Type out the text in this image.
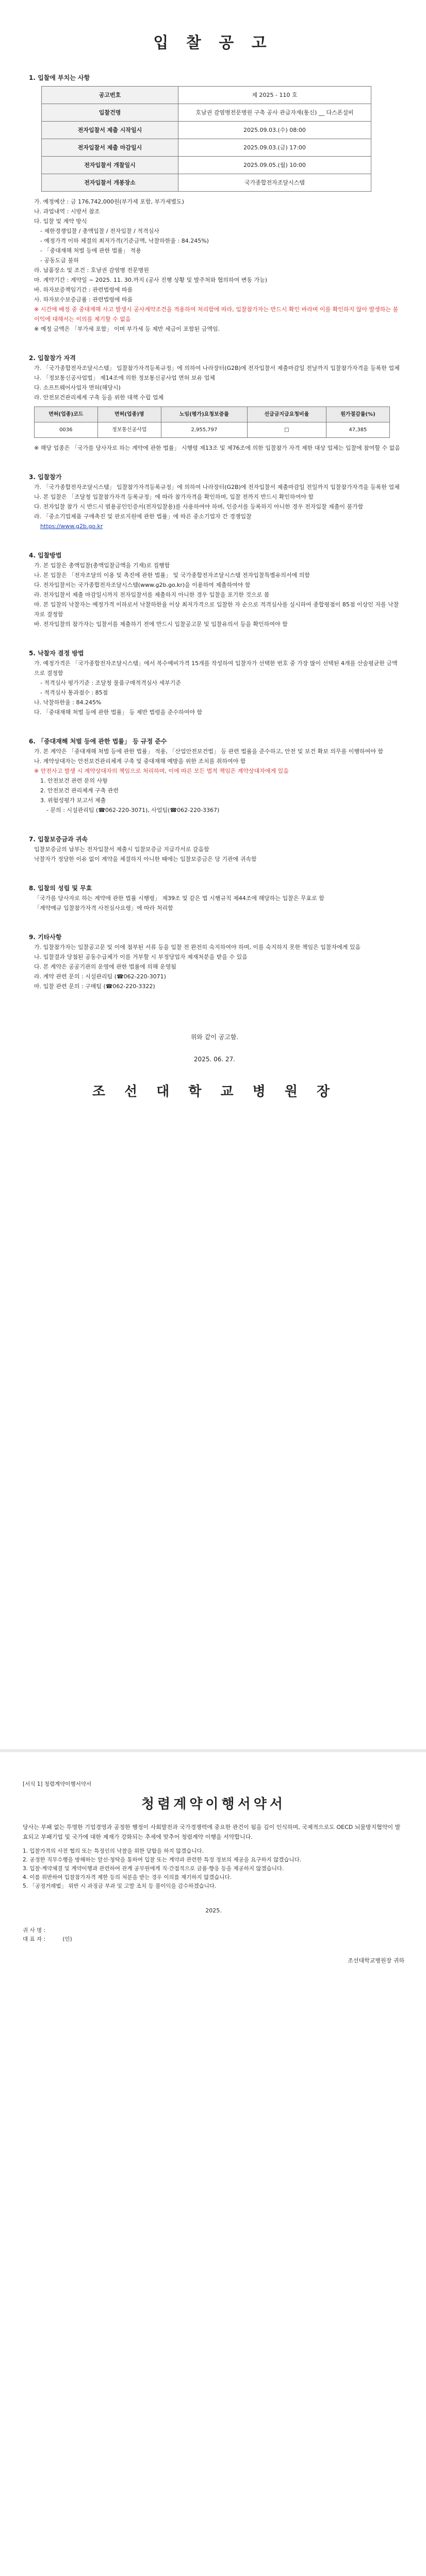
입 찰 공 고

1. 입찰에 부치는 사항

공고번호	제 2025 - 110 호
입찰건명	호남권 감염병전문병원 구축 공사 관급자재(통신) __ 다스폰설비
전자입찰서 제출 시작일시	2025.09.03.(수) 08:00
전자입찰서 제출 마감일시	2025.09.03.(금) 17:00
전자입찰서 개찰일시	2025.09.05.(월) 10:00
전자입찰서 개봉장소	국가종합전자조달시스템

가. 예정예산 : 금 176,742,000원(부가세 포함, 부가세별도)

나. 과업내역 : 시방서 참조

다. 입찰 및 계약 방식

- 제한경쟁입찰 / 총액입찰 / 전자입찰 / 적격심사

- 예정가격 이하 체결의 최저가격(기준금액, 낙찰하한율 : 84.245%)

- 「중대재해 처벌 등에 관한 법률」 적용

- 공동도급 불허

라. 납품장소 및 조건 : 호남권 감염병 전문병원

마. 계약기간 : 계약일 ~ 2025. 11. 30.까지 (공사 진행 상황 및 발주처와 협의하여 변동 가능)

바. 하자보증책임기간 : 관련법령에 따름

사. 하자보수보증금률 : 관련법령에 따름

※ 시간에 배정 중 중대재해 사고 발생시 공사계약조건을 적용하여 처리함에 따라, 입찰참가자는 반드시 확인 바라며 이를 확인하지 않아 발생하는 불이익에 대해서는 이의를 제기할 수 없음

※ 예정 금액은 「부가세 포함」 이며 부가세 등 제반 세금이 포함된 금액임.

2. 입찰참가 자격

가. 「국가종합전자조달시스템」 입찰참가자격등록규정」에 의하여 나라장터(G2B)에 전자입찰서 제출마감일 전날까지 입찰참가자격을 등록한 업체

나. 「정보통신공사업법」 제14조에 의한 정보통신공사업 면허 보유 업체

다. 소프트웨어사업자 면허(해당시)

라. 안전보건관리체계 구축 등을 위한 대책 수립 업체

면허(업종)코드	면허(업종)명	노임(평가)요청보증률	선급금지급요청비율	원가절감률(%)
0036	정보통신공사업	2,955,797	□	47,385

※ 해당 업종은 「국가를 당사자로 하는 계약에 관한 법률」 시행령 제13조 및 제76조에 의한 입찰참가 자격 제한 대상 업체는 입찰에 참여할 수 없음

3. 입찰참가

가. 「국가종합전자조달시스템」 입찰참가자격등록규정」에 의하여 나라장터(G2B)에 전자입찰서 제출마감일 전일까지 입찰참가자격을 등록한 업체

나. 본 입찰은 「조달청 입찰참가자격 등록규정」에 따라 참가자격을 확인하며, 입찰 전까지 반드시 확인하여야 함

다. 전자입찰 참가 시 반드시 범용공인인증서(전자입찰용)를 사용하여야 하며, 인증서를 등록하지 아니한 경우 전자입찰 제출이 불가함

라. 「중소기업제품 구매촉진 및 판로지원에 관한 법률」에 따른 중소기업자 간 경쟁입찰

https://www.g2b.go.kr

4. 입찰방법

가. 본 입찰은 총액입찰(총액입찰금액을 기재)로 집행함

나. 본 입찰은 「전자조달의 이용 및 촉진에 관한 법률」 및 국가종합전자조달시스템 전자입찰특별유의서에 의함

다. 전자입찰서는 국가종합전자조달시스템(www.g2b.go.kr)을 이용하여 제출하여야 함

라. 전자입찰서 제출 마감일시까지 전자입찰서를 제출하지 아니한 경우 입찰을 포기한 것으로 봄

마. 본 입찰의 낙찰자는 예정가격 이하로서 낙찰하한율 이상 최저가격으로 입찰한 자 순으로 적격심사를 실시하여 종합평점이 85점 이상인 자를 낙찰자로 결정함

바. 전자입찰의 참가자는 입찰서를 제출하기 전에 반드시 입찰공고문 및 입찰유의서 등을 확인하여야 함

5. 낙찰자 결정 방법

가. 예정가격은 「국가종합전자조달시스템」에서 복수예비가격 15개를 작성하여 입찰자가 선택한 번호 중 가장 많이 선택된 4개를 산술평균한 금액으로 결정함

- 적격심사 평가기준 : 조달청 물품구매적격심사 세부기준

- 적격심사 통과점수 : 85점

나. 낙찰하한율 : 84.245%

다. 「중대재해 처벌 등에 관한 법률」 등 제반 법령을 준수하여야 함

6. 「중대재해 처벌 등에 관한 법률」 등 규정 준수

가. 본 계약은 「중대재해 처벌 등에 관한 법률」 적용, 「산업안전보건법」 등 관련 법률을 준수하고, 안전 및 보건 확보 의무를 이행하여야 함

나. 계약상대자는 안전보건관리체계 구축 및 중대재해 예방을 위한 조치를 취하여야 함

※ 안전사고 발생 시 계약상대자의 책임으로 처리하며, 이에 따른 모든 법적 책임은 계약상대자에게 있음

1. 안전보건 관련 문의 사항

2. 안전보건 관리체계 구축 관련

3. 위험성평가 보고서 제출

- 문의 : 시설관리팀 (☎062-220-3071), 사업팀(☎062-220-3367)

7. 입찰보증금과 귀속

입찰보증금의 납부는 전자입찰서 제출시 입찰보증금 지급각서로 갈음함

낙찰자가 정당한 이유 없이 계약을 체결하지 아니한 때에는 입찰보증금은 당 기관에 귀속함

8. 입찰의 성립 및 무효

「국가를 당사자로 하는 계약에 관한 법률 시행령」 제39조 및 같은 법 시행규칙 제44조에 해당하는 입찰은 무효로 함

「계약예규 입찰참가자격 사전심사요령」에 따라 처리함

9. 기타사항

가. 입찰참가자는 입찰공고문 및 이에 첨부된 서류 등을 입찰 전 완전히 숙지하여야 하며, 이를 숙지하지 못한 책임은 입찰자에게 있음

나. 입찰결과 당첨된 공동수급체가 이를 거부할 시 부정당업자 제재처분을 받을 수 있음

다. 본 계약은 공공기관의 운영에 관한 법률에 의해 운영됨

라. 계약 관련 문의 : 시설관리팀 (☎062-220-3071)

마. 입찰 관련 문의 : 구매팀 (☎062-220-3322)

위와 같이 공고함.

2025. 06. 27.

조 선 대 학 교 병 원 장

[서식 1] 청렴계약이행서약서

청렴계약이행서약서

당사는 부패 없는 투명한 기업경영과 공정한 행정이 사회발전과 국가경쟁력에 중요한 관건이 됨을 깊이 인식하며, 국제적으로도 OECD 뇌물방지협약이 발효되고 부패기업 및 국가에 대한 제재가 강화되는 추세에 맞추어 청렴계약 이행을 서약합니다.

1. 입찰가격의 사전 협의 또는 특정인의 낙찰을 위한 담합을 하지 않겠습니다.

2. 공정한 직무수행을 방해하는 알선·청탁을 통하여 입찰 또는 계약과 관련한 특정 정보의 제공을 요구하지 않겠습니다.

3. 입찰·계약체결 및 계약이행과 관련하여 관계 공무원에게 직·간접적으로 금품·향응 등을 제공하지 않겠습니다.

4. 이를 위반하여 입찰참가자격 제한 등의 처분을 받는 경우 이의를 제기하지 않겠습니다.

5. 「공정거래법」 위반 시 과징금 부과 및 고발 조치 등 불이익을 감수하겠습니다.

2025.

귀 사 명 :

대 표 자 :	(인)

조선대학교병원장 귀하
